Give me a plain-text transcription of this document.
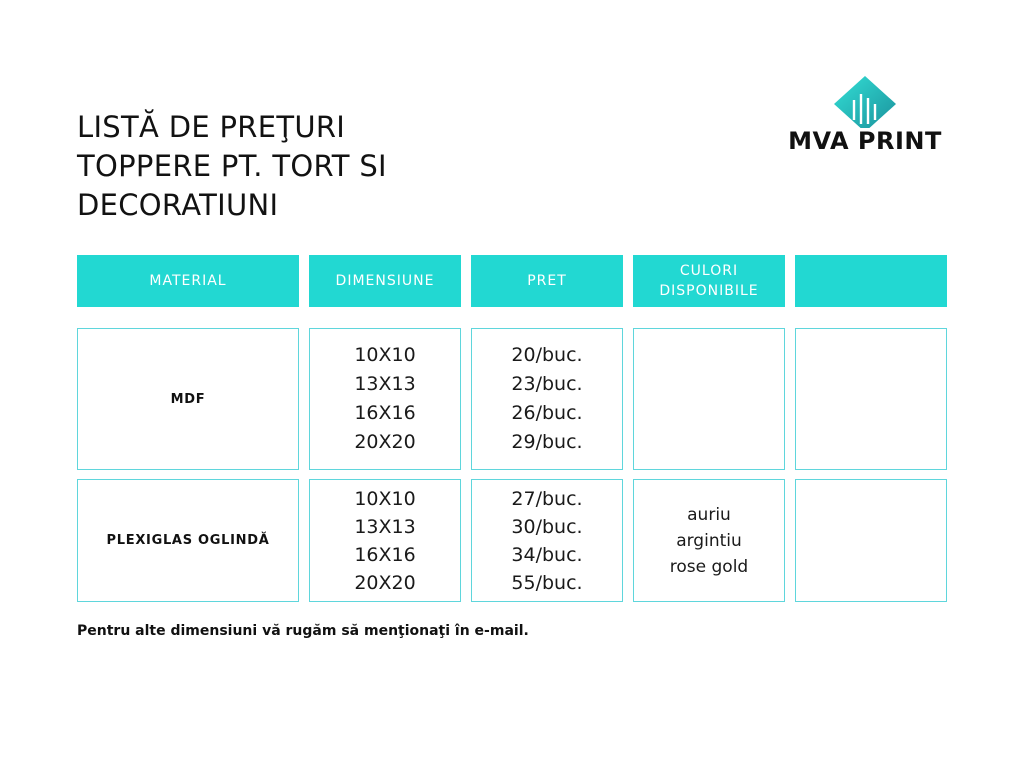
LISTĂ DE PREŢURI
TOPPERE PT. TORT SI
DECORATIUNI
MVA PRINT
MATERIAL	DIMENSIUNE	PRET
CULORI
DISPONIBILE
MDF
10X10
13X13
16X16
20X20
20/buc.
23/buc.
26/buc.
29/buc.
PLEXIGLAS OGLINDĂ
10X10
13X13
16X16
20X20
27/buc.
30/buc.
34/buc.
55/buc.
auriu
argintiu
rose gold
Pentru alte dimensiuni vă rugăm să menţionaţi în e-mail.
